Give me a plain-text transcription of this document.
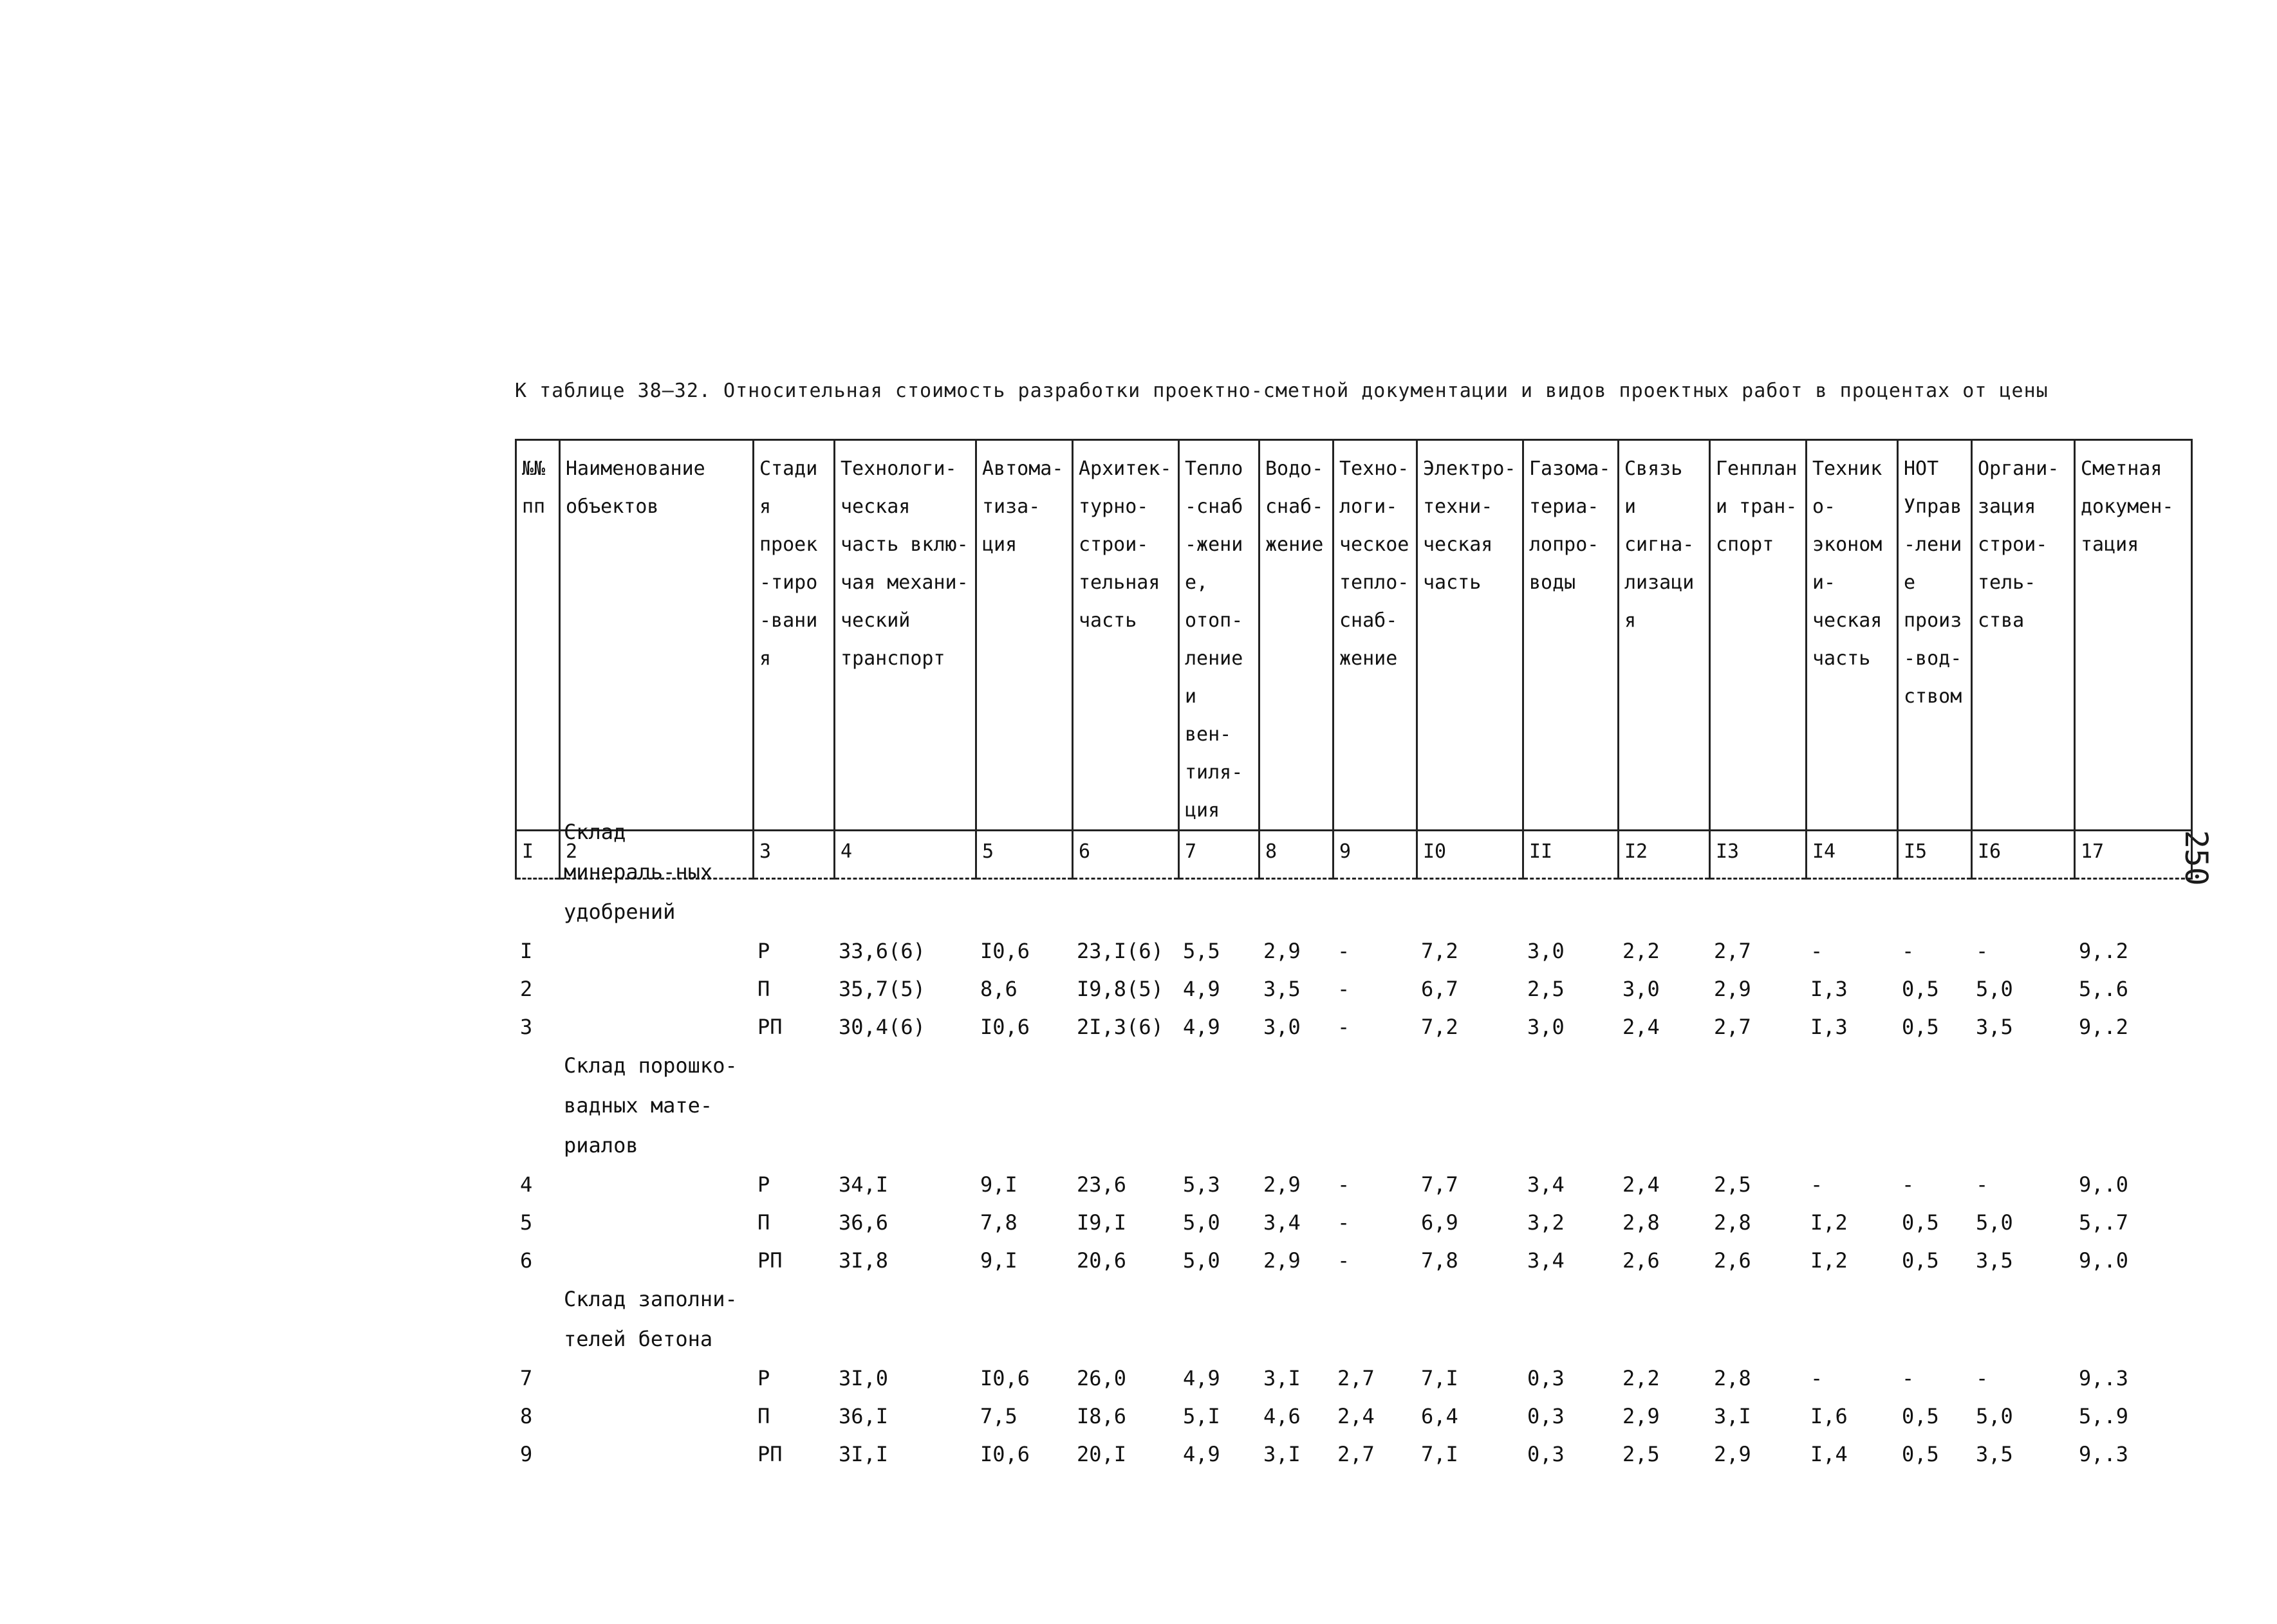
К таблице 38—32. Относительная стоимость разработки проектно-сметной документации и видов проектных работ в процентах от цены
250
№№ пп	Наименование объектов	Стадия проек-тиро-вания	Технологи-ческая часть вклю-чая механи-ческий транспорт	Автома-тиза-ция	Архитек-турно-строи-тельная часть	Тепло-снаб-жение, отоп-ление и вен-тиля-ция	Водо-снаб-жение	Техно-логи-ческое тепло-снаб-жение	Электро-техни-ческая часть	Газома-териа-лопро-воды	Связь и сигна-лизация	Генплан и тран-спорт	Технико-экономи-ческая часть	НОТ Управ-ление произ-вод-ством	Органи-зация строи-тель-ства	Сметная докумен-тация
I	2	3	4	5	6	7	8	9	I0	II	I2	I3	I4	I5	I6	17
	Склад минераль-ных удобрений															
I		Р	33,6(6)	I0,6	23,I(6)	5,5	2,9	-	7,2	3,0	2,2	2,7	-	-	-	9,.2
2		П	35,7(5)	8,6	I9,8(5)	4,9	3,5	-	6,7	2,5	3,0	2,9	I,3	0,5	5,0	5,.6
3		РП	30,4(6)	I0,6	2I,3(6)	4,9	3,0	-	7,2	3,0	2,4	2,7	I,3	0,5	3,5	9,.2
	Склад порошко-вадных мате-риалов															
4		Р	34,I	9,I	23,6	5,3	2,9	-	7,7	3,4	2,4	2,5	-	-	-	9,.0
5		П	36,6	7,8	I9,I	5,0	3,4	-	6,9	3,2	2,8	2,8	I,2	0,5	5,0	5,.7
6		РП	3I,8	9,I	20,6	5,0	2,9	-	7,8	3,4	2,6	2,6	I,2	0,5	3,5	9,.0
	Склад заполни-телей бетона															
7		Р	3I,0	I0,6	26,0	4,9	3,I	2,7	7,I	0,3	2,2	2,8	-	-	-	9,.3
8		П	36,I	7,5	I8,6	5,I	4,6	2,4	6,4	0,3	2,9	3,I	I,6	0,5	5,0	5,.9
9		РП	3I,I	I0,6	20,I	4,9	3,I	2,7	7,I	0,3	2,5	2,9	I,4	0,5	3,5	9,.3
